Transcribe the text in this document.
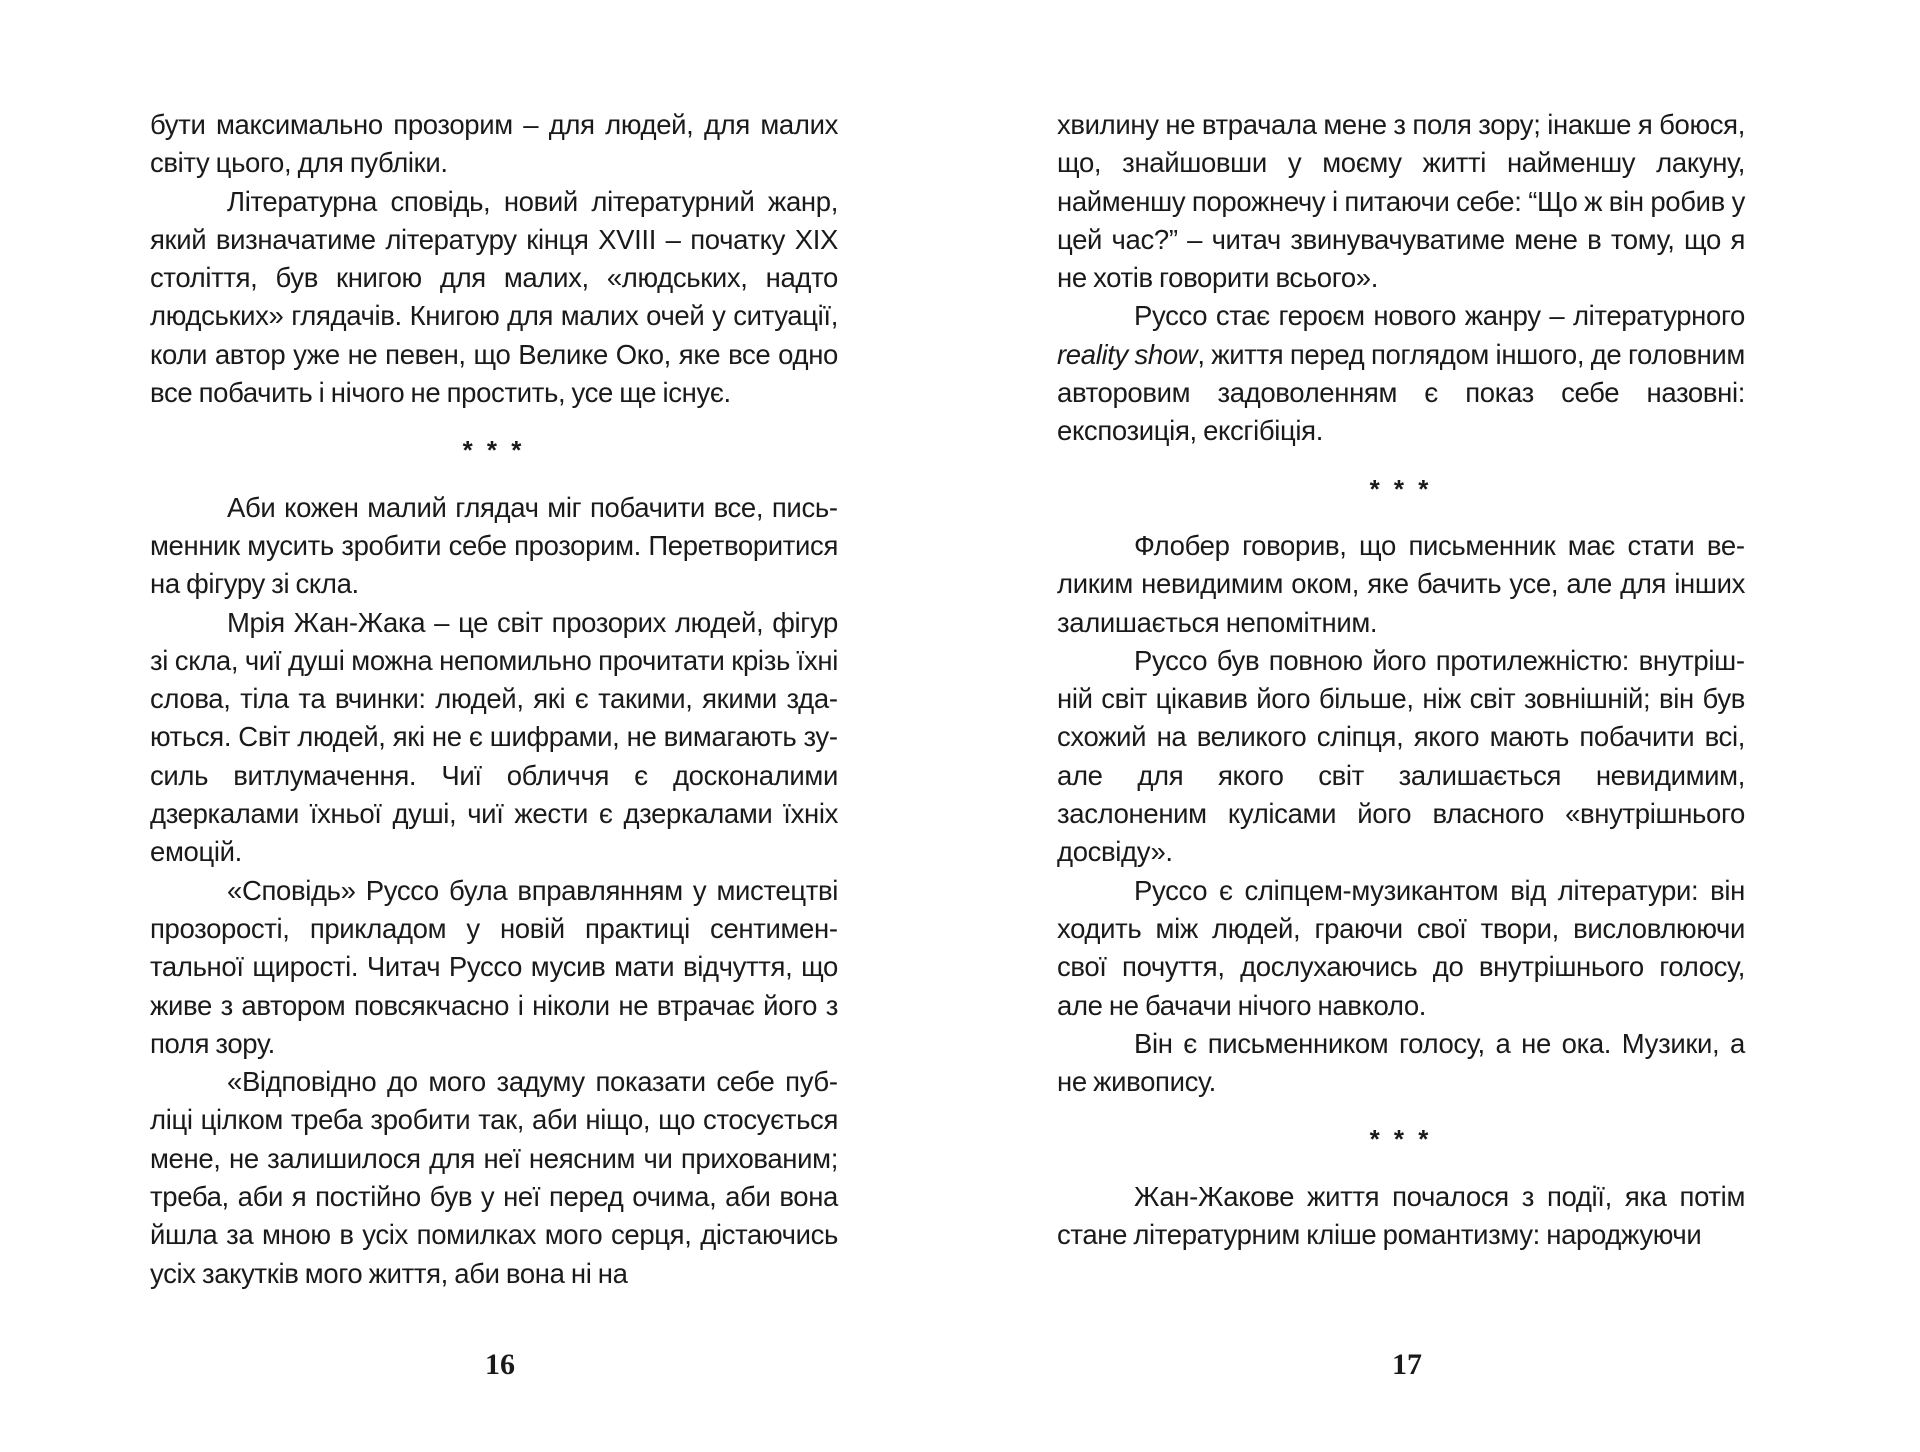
бути максимально прозорим – для людей, для малих світу цього, для публіки.

Літературна сповідь, новий літературний жанр, який визначатиме літературу кінця XVIII – початку XIX століття, був книгою для малих, «людських, надто людських» глядачів. Книгою для малих очей у ситуації, коли автор уже не певен, що Велике Око, яке все одно все побачить і нічого не простить, усе ще існує.

* * *

Аби кожен малий глядач міг побачити все, письменник мусить зробити себе прозорим. Перетворитися на фігуру зі скла.

Мрія Жан-Жака – це світ прозорих людей, фігур зі скла, чиї душі можна непомильно прочитати крізь їхні слова, тіла та вчинки: людей, які є такими, якими здаються. Світ людей, які не є шифрами, не вимагають зусиль витлумачення. Чиї обличчя є досконалими дзеркалами їхньої душі, чиї жести є дзеркалами їхніх емоцій.

«Сповідь» Руссо була вправлянням у мистецтві прозорості, прикладом у новій практиці сентиментальної щирості. Читач Руссо мусив мати відчуття, що живе з автором повсякчасно і ніколи не втрачає його з поля зору.

«Відповідно до мого задуму показати себе публіці цілком треба зробити так, аби ніщо, що стосується мене, не залишилося для неї неясним чи прихованим; треба, аби я постійно був у неї перед очима, аби вона йшла за мною в усіх помилках мого серця, дістаючись усіх закутків мого життя, аби вона ні на

16

хвилину не втрачала мене з поля зору; інакше я боюся, що, знайшовши у моєму житті найменшу лакуну, найменшу порожнечу і питаючи себе: “Що ж він робив у цей час?” – читач звинувачуватиме мене в тому, що я не хотів говорити всього».

Руссо стає героєм нового жанру – літературного reality show, життя перед поглядом іншого, де головним авторовим задоволенням є показ себе назовні: експозиція, ексгібіція.

* * *

Флобер говорив, що письменник має стати великим невидимим оком, яке бачить усе, але для інших залишається непомітним.

Руссо був повною його протилежністю: внутрішній світ цікавив його більше, ніж світ зовнішній; він був схожий на великого сліпця, якого мають побачити всі, але для якого світ залишається невидимим, заслоненим кулісами його власного «внутрішнього досвіду».

Руссо є сліпцем-музикантом від літератури: він ходить між людей, граючи свої твори, висловлюючи свої почуття, дослухаючись до внутрішнього голосу, але не бачачи нічого навколо.

Він є письменником голосу, а не ока. Музики, а не живопису.

* * *

Жан-Жакове життя почалося з події, яка потім стане літературним кліше романтизму: народжуючи

17
